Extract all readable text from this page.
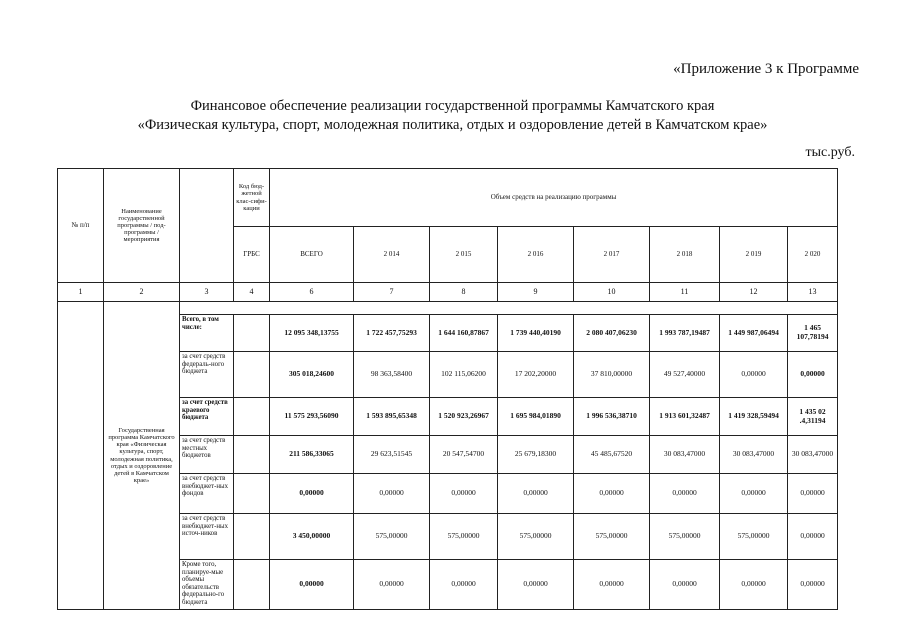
«Приложение 3 к Программе
Финансовое обеспечение реализации государственной программы Камчатского края
«Физическая культура, спорт, молодежная политика, отдых и оздоровление детей в Камчатском крае»
тыс.руб.
№ п/п	Наименование государственной программы / под-программы / мероприятия		Код бюд-жетной клас-сифи-кации	Объем средств на реализацию программы							
			ГРБС	ВСЕГО	2 014	2 015	2 016	2 017	2 018	2 019	2 020
1	2	3	4	6	7	8	9	10	11	12	13
	Государственная программа Камчатского края «Физическая культура, спорт, молодежная политика, отдых и оздоровление детей в Камчатском крае»										
		Всего, в том числе:		12 095 348,13755	1 722 457,75293	1 644 160,87867	1 739 440,40190	2 080 407,06230	1 993 787,19487	1 449 987,06494	1 465 107,78194
		за счет средств федераль-ного бюджета		305 018,24600	98 363,58400	102 115,06200	17 202,20000	37 810,00000	49 527,40000	0,00000	0,00000
		за счет средств краевого бюджета		11 575 293,56090	1 593 895,65348	1 520 923,26967	1 695 984,01890	1 996 536,38710	1 913 601,32487	1 419 328,59494	1 435 02 .4,31194
		за счет средств местных бюджетов		211 586,33065	29 623,51545	20 547,54700	25 679,18300	45 485,67520	30 083,47000	30 083,47000	30 083,47000
		за счет средств внебюджет-ных фондов		0,00000	0,00000	0,00000	0,00000	0,00000	0,00000	0,00000	0,00000
		за счет средств внебюджет-ных источ-ников		3 450,00000	575,00000	575,00000	575,00000	575,00000	575,00000	575,00000	0,00000
		Кроме того, планируе-мые объемы обязательств федерально-го бюджета		0,00000	0,00000	0,00000	0,00000	0,00000	0,00000	0,00000	0,00000
